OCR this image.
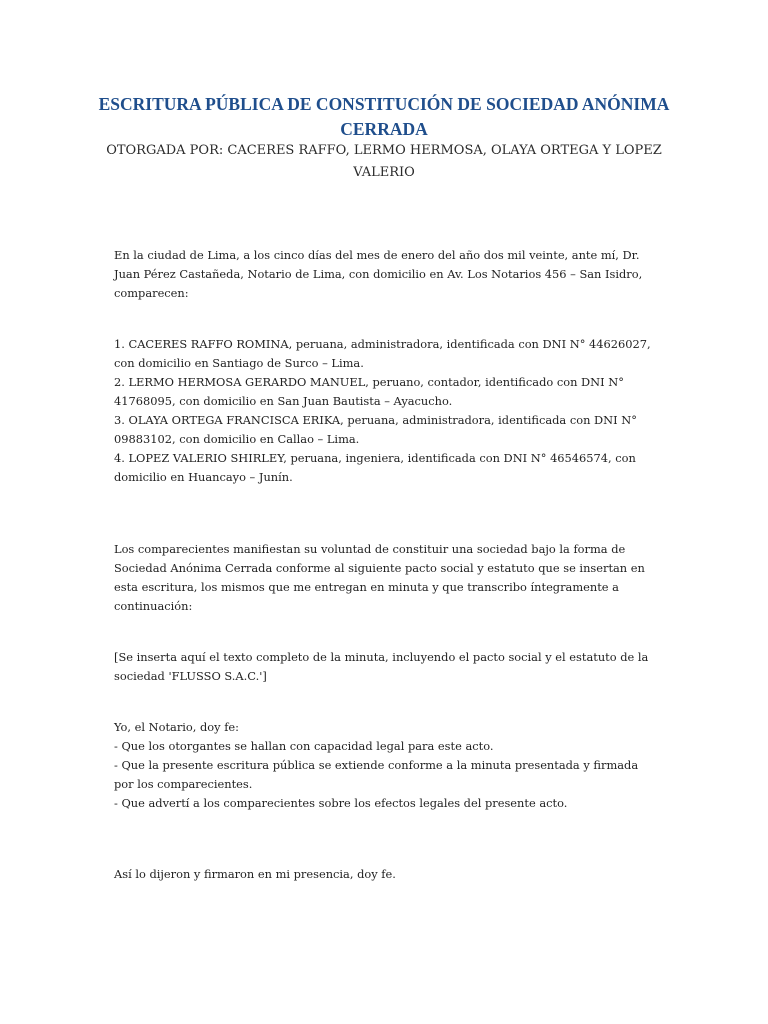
ESCRITURA PÚBLICA DE CONSTITUCIÓN DE SOCIEDAD ANÓNIMA
CERRADA

OTORGADA POR: CACERES RAFFO, LERMO HERMOSA, OLAYA ORTEGA Y LOPEZ
VALERIO

En la ciudad de Lima, a los cinco días del mes de enero del año dos mil veinte, ante mí, Dr.
Juan Pérez Castañeda, Notario de Lima, con domicilio en Av. Los Notarios 456 – San Isidro,
comparecen:

1. CACERES RAFFO ROMINA, peruana, administradora, identificada con DNI N° 44626027,
con domicilio en Santiago de Surco – Lima.
2. LERMO HERMOSA GERARDO MANUEL, peruano, contador, identificado con DNI N°
41768095, con domicilio en San Juan Bautista – Ayacucho.
3. OLAYA ORTEGA FRANCISCA ERIKA, peruana, administradora, identificada con DNI N°
09883102, con domicilio en Callao – Lima.
4. LOPEZ VALERIO SHIRLEY, peruana, ingeniera, identificada con DNI N° 46546574, con
domicilio en Huancayo – Junín.

Los comparecientes manifiestan su voluntad de constituir una sociedad bajo la forma de
Sociedad Anónima Cerrada conforme al siguiente pacto social y estatuto que se insertan en
esta escritura, los mismos que me entregan en minuta y que transcribo íntegramente a
continuación:

[Se inserta aquí el texto completo de la minuta, incluyendo el pacto social y el estatuto de la
sociedad 'FLUSSO S.A.C.']

Yo, el Notario, doy fe:
- Que los otorgantes se hallan con capacidad legal para este acto.
- Que la presente escritura pública se extiende conforme a la minuta presentada y firmada
por los comparecientes.
- Que advertí a los comparecientes sobre los efectos legales del presente acto.

Así lo dijeron y firmaron en mi presencia, doy fe.
